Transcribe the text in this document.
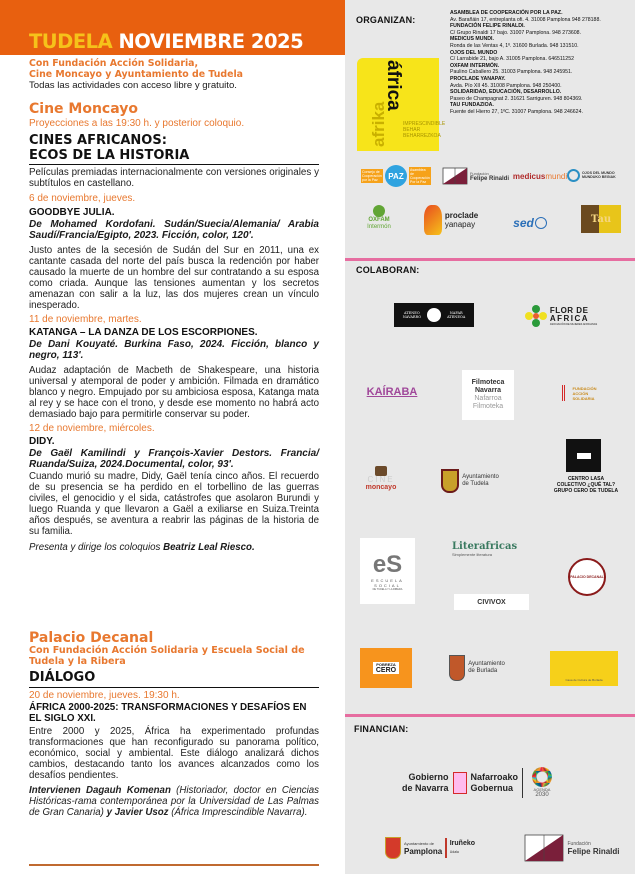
TUDELA NOVIEMBRE 2025
Con Fundación Acción Solidaria,
Cine Moncayo y Ayuntamiento de Tudela
Todas las actividades con acceso libre y gratuito.
Cine Moncayo
Proyecciones a las 19:30 h. y posterior coloquio.
CINES AFRICANOS:
ECOS DE LA HISTORIA
Películas premiadas internacionalmente con versiones originales y subtítulos en castellano.
6 de noviembre, jueves.
GOODBYE JULIA.
De Mohamed Kordofani. Sudán/Suecia/Alemania/ Arabia Saudí/Francia/Egipto, 2023. Ficción, color, 120'.
Justo antes de la secesión de Sudán del Sur en 2011, una ex cantante casada del norte del país busca la redención por haber causado la muerte de un hombre del sur contratando a su esposa como criada. Aunque las tensiones aumentan y los secretos amenazan con salir a la luz, las dos mujeres crean un vínculo inesperado.
11 de noviembre, martes.
KATANGA – LA DANZA DE LOS ESCORPIONES.
De Dani Kouyaté. Burkina Faso, 2024. Ficción, blanco y negro, 113'.
Audaz adaptación de Macbeth de Shakespeare, una historia universal y atemporal de poder y ambición. Filmada en dramático blanco y negro. Empujado por su ambiciosa esposa, Katanga mata al rey y se hace con el trono, y desde ese momento no habrá acto demasiado bajo para permitirle conservar su poder.
12 de noviembre, miércoles.
DIDY.
De Gaël Kamilindi y François-Xavier Destors. Francia/ Ruanda/Suiza, 2024.Documental, color, 93'.
Cuando murió su madre, Didy, Gaël tenía cinco años. El recuerdo de su presencia se ha perdido en el torbellino de las guerras civiles, el genocidio y el sida, catástrofes que asolaron Burundi y luego Ruanda y que llevaron a Gaël a exiliarse en Suiza.Treinta años después, se aventura a reabrir las páginas de la historia de su familia.
Presenta y dirige los coloquios Beatriz Leal Riesco.
Palacio Decanal
Con Fundación Acción Solidaria y Escuela Social de Tudela y la Ribera
DIÁLOGO
20 de noviembre, jueves. 19:30 h.
ÁFRICA 2000-2025: TRANSFORMACIONES Y DESAFÍOS EN EL SIGLO XXI.
Entre 2000 y 2025, África ha experimentado profundas transformaciones que han reconfigurado su panorama político, económico, social y ambiental. Este diálogo analizará dichos cambios, destacando tanto los avances alcanzados como los desafíos pendientes.
Intervienen Dagauh Komenan (Historiador, doctor en Ciencias Históricas-rama contemporánea por la Universidad de Las Palmas de Gran Canaria) y Javier Usoz (África Imprescindible Navarra).
ORGANIZAN:
afrika
áfrica
IMPRESCINDIBLE
BEHAR
BEHARREZKOA
ASAMBLEA DE COOPERACIÓN POR LA PAZ.
Av. Barañáin 17, entreplanta ofi. 4. 31008 Pamplona 948 278188.
FUNDACIÓN FELIPE RINALDI.
C/ Grupo Rinaldi 17 bajo. 31007 Pamplona. 948 273608.
MEDICUS MUNDI.
Ronda de las Ventas 4, 1º. 31600 Burlada. 948 131510.
OJOS DEL MUNDO
C/ Larrabide 21, bajo A. 31005 Pamplona. 646511252
OXFAM INTERMÓN.
Paulino Caballero 25. 31003 Pamplona. 948 245951.
PROCLADE YANAPAY.
Avda. Pío XII 45. 31008 Pamplona. 948 250400.
SOLIDARIDAD, EDUCACIÓN, DESARROLLO.
Paseo de Champagnat 2. 31621 Sarriguren. 948 804369.
TAU FUNDAZIOA.
Fuente del Hierro 27, 1ºC. 31007 Pamplona. 948 246624.
Consejo de Cooperación por la Paz	PAZ
Asamblea de Cooperación Por la Paz
Fundación
Felipe Rinaldi medicus mundi	OJOS DEL MUNDO MUNDUKO BEGIAK
OXFAM
Intermón
proclade
yanapay	sed	Tau
COLABORAN:
ATENEO
NAVARRO
NAFAR
ATENEOA
FLOR DE
AFRICA
ASOCIACIÓN DE MUJERES AFRICANAS
KAÍRABA
Filmoteca
Navarra
Nafarroa
Filmoteka
FUNDACIÓN
ACCIÓN
SOLIDARIA
CINE
moncayo
Ayuntamiento
de Tudela
CENTRO LASA
COLECTIVO ¿QUÉ TAL?
GRUPO CERO DE TUDELA
eS
ESCUELA
SOCIAL
DE TUDELA Y LA RIBERA
Literafricas
Simplemente literatura
CIVIVOX
PALACIO DECANAL
POBREZA
CERO
Ayuntamiento
de Burlada
Casa de Cultura de Burlada
FINANCIAN:
Gobierno
de Navarra
Nafarroako
Gobernua	AGENDA
2030
Ayuntamiento de
Pamplona
Iruñeko
Udala
Fundación
Felipe Rinaldi
